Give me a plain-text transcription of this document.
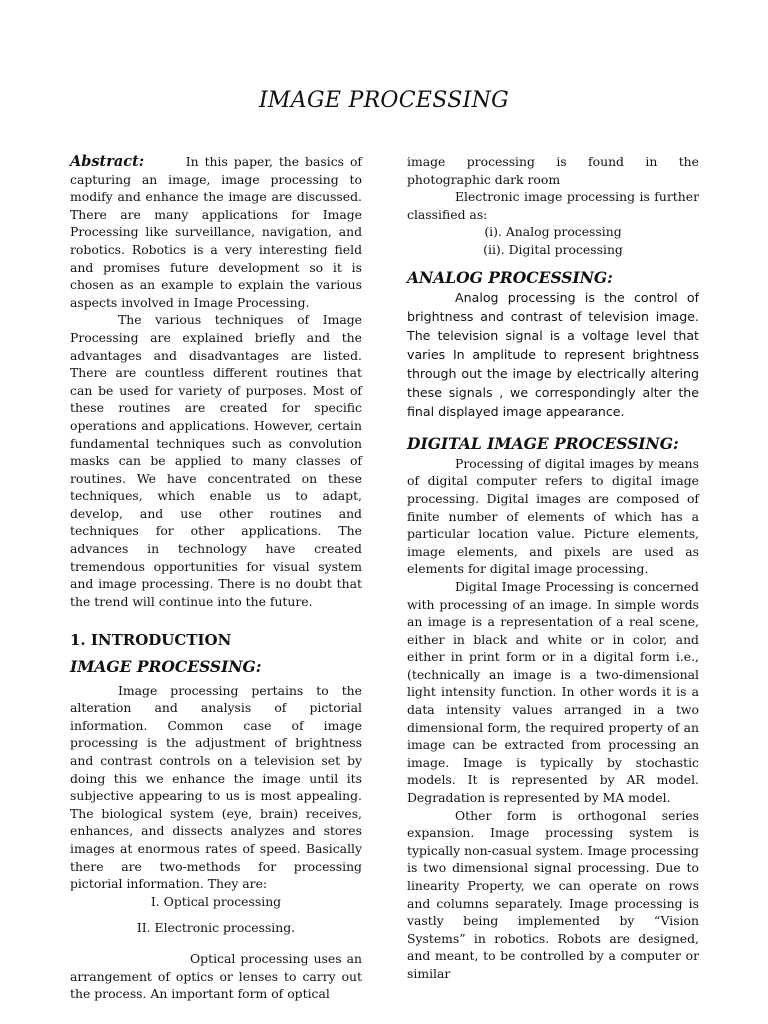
IMAGE PROCESSING

Abstract:	In this paper, the basics of capturing an image, image processing to modify and enhance the image are discussed. There are many applications for Image Processing like surveillance, navigation, and robotics. Robotics is a very interesting field and promises future development so it is chosen as an example to explain the various aspects involved in Image Processing.

The various techniques of Image Processing are explained briefly and the advantages and disadvantages are listed. There are countless different routines that can be used for variety of purposes. Most of these routines are created for specific operations and applications. However, certain fundamental techniques such as convolution masks can be applied to many classes of routines. We have concentrated on these techniques, which enable us to adapt, develop, and use other routines and techniques for other applications. The advances in technology have created tremendous opportunities for visual system and image processing. There is no doubt that the trend will continue into the future.

1. INTRODUCTION
IMAGE PROCESSING:

Image processing pertains to the alteration and analysis of pictorial information. Common case of image processing is the adjustment of brightness and contrast controls on a television set by doing this we enhance the image until its subjective appearing to us is most appealing. The biological system (eye, brain) receives, enhances, and dissects analyzes and stores images at enormous rates of speed. Basically there are two-methods for processing pictorial information. They are:

I. Optical processing

II. Electronic processing.

Optical processing uses an arrangement of optics or lenses to carry out the process. An important form of optical

image processing is found in the photographic dark room

Electronic image processing is further classified as:

(i). Analog processing

(ii). Digital processing

ANALOG PROCESSING:

Analog processing is the control of brightness and contrast of television image. The television signal is a voltage level that varies In amplitude to represent brightness through out the image by electrically altering these signals , we correspondingly alter the final displayed image appearance.

DIGITAL IMAGE PROCESSING:

Processing of digital images by means of digital computer refers to digital image processing. Digital images are composed of finite number of elements of which has a particular location value. Picture elements, image elements, and pixels are used as elements for digital image processing.

Digital Image Processing is concerned with processing of an image. In simple words an image is a representation of a real scene, either in black and white or in color, and either in print form or in a digital form i.e., (technically an image is a two-dimensional light intensity function. In other words it is a data intensity values arranged in a two dimensional form, the required property of an image can be extracted from processing an image. Image is typically by stochastic models. It is represented by AR model. Degradation is represented by MA model.

Other form is orthogonal series expansion. Image processing system is typically non-casual system. Image processing is two dimensional signal processing. Due to linearity Property, we can operate on rows and columns separately. Image processing is vastly being implemented by “Vision Systems” in robotics. Robots are designed, and meant, to be controlled by a computer or similar
